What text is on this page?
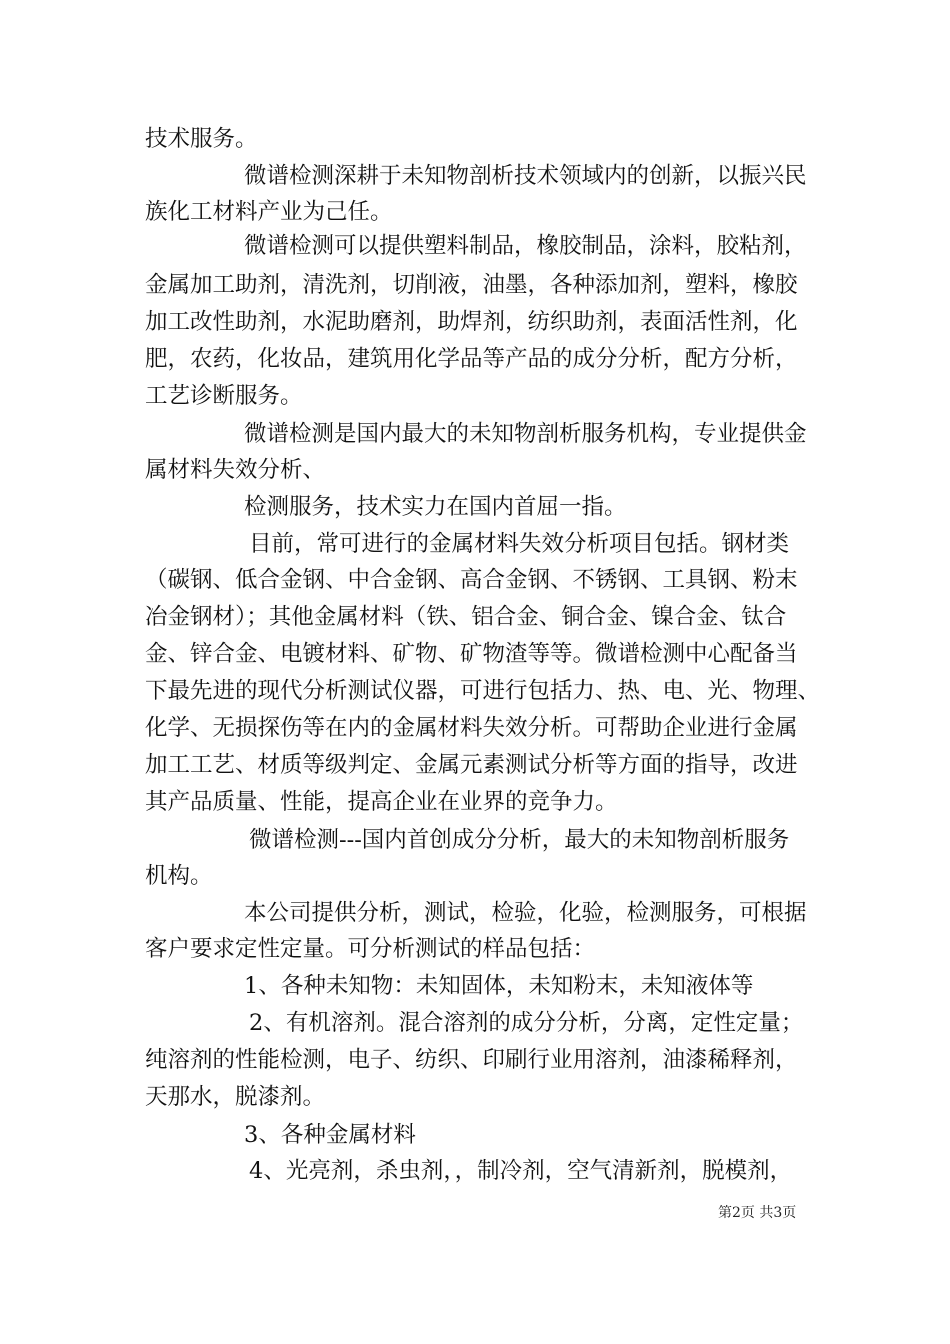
技术服务。

微谱检测深耕于未知物剖析技术领域内的创新，以振兴民

族化工材料产业为己任。

微谱检测可以提供塑料制品，橡胶制品，涂料，胶粘剂，

金属加工助剂，清洗剂，切削液，油墨，各种添加剂，塑料，橡胶

加工改性助剂，水泥助磨剂，助焊剂，纺织助剂，表面活性剂，化

肥，农药，化妆品，建筑用化学品等产品的成分分析，配方分析，

工艺诊断服务。

微谱检测是国内最大的未知物剖析服务机构，专业提供金

属材料失效分析、

检测服务，技术实力在国内首屈一指。

目前，常可进行的金属材料失效分析项目包括。钢材类

（碳钢、低合金钢、中合金钢、高合金钢、不锈钢、工具钢、粉末

冶金钢材）；其他金属材料（铁、铝合金、铜合金、镍合金、钛合

金、锌合金、电镀材料、矿物、矿物渣等等。微谱检测中心配备当

下最先进的现代分析测试仪器，可进行包括力、热、电、光、物理、

化学、无损探伤等在内的金属材料失效分析。可帮助企业进行金属

加工工艺、材质等级判定、金属元素测试分析等方面的指导，改进

其产品质量、性能，提高企业在业界的竞争力。

微谱检测---国内首创成分分析，最大的未知物剖析服务

机构。

本公司提供分析，测试，检验，化验，检测服务，可根据

客户要求定性定量。可分析测试的样品包括：

1、各种未知物：未知固体，未知粉末，未知液体等

2、有机溶剂。混合溶剂的成分分析，分离，定性定量；

纯溶剂的性能检测，电子、纺织、印刷行业用溶剂，油漆稀释剂，

天那水，脱漆剂。

3、各种金属材料

4、光亮剂，杀虫剂，，制冷剂，空气清新剂，脱模剂，

第2页 共3页
